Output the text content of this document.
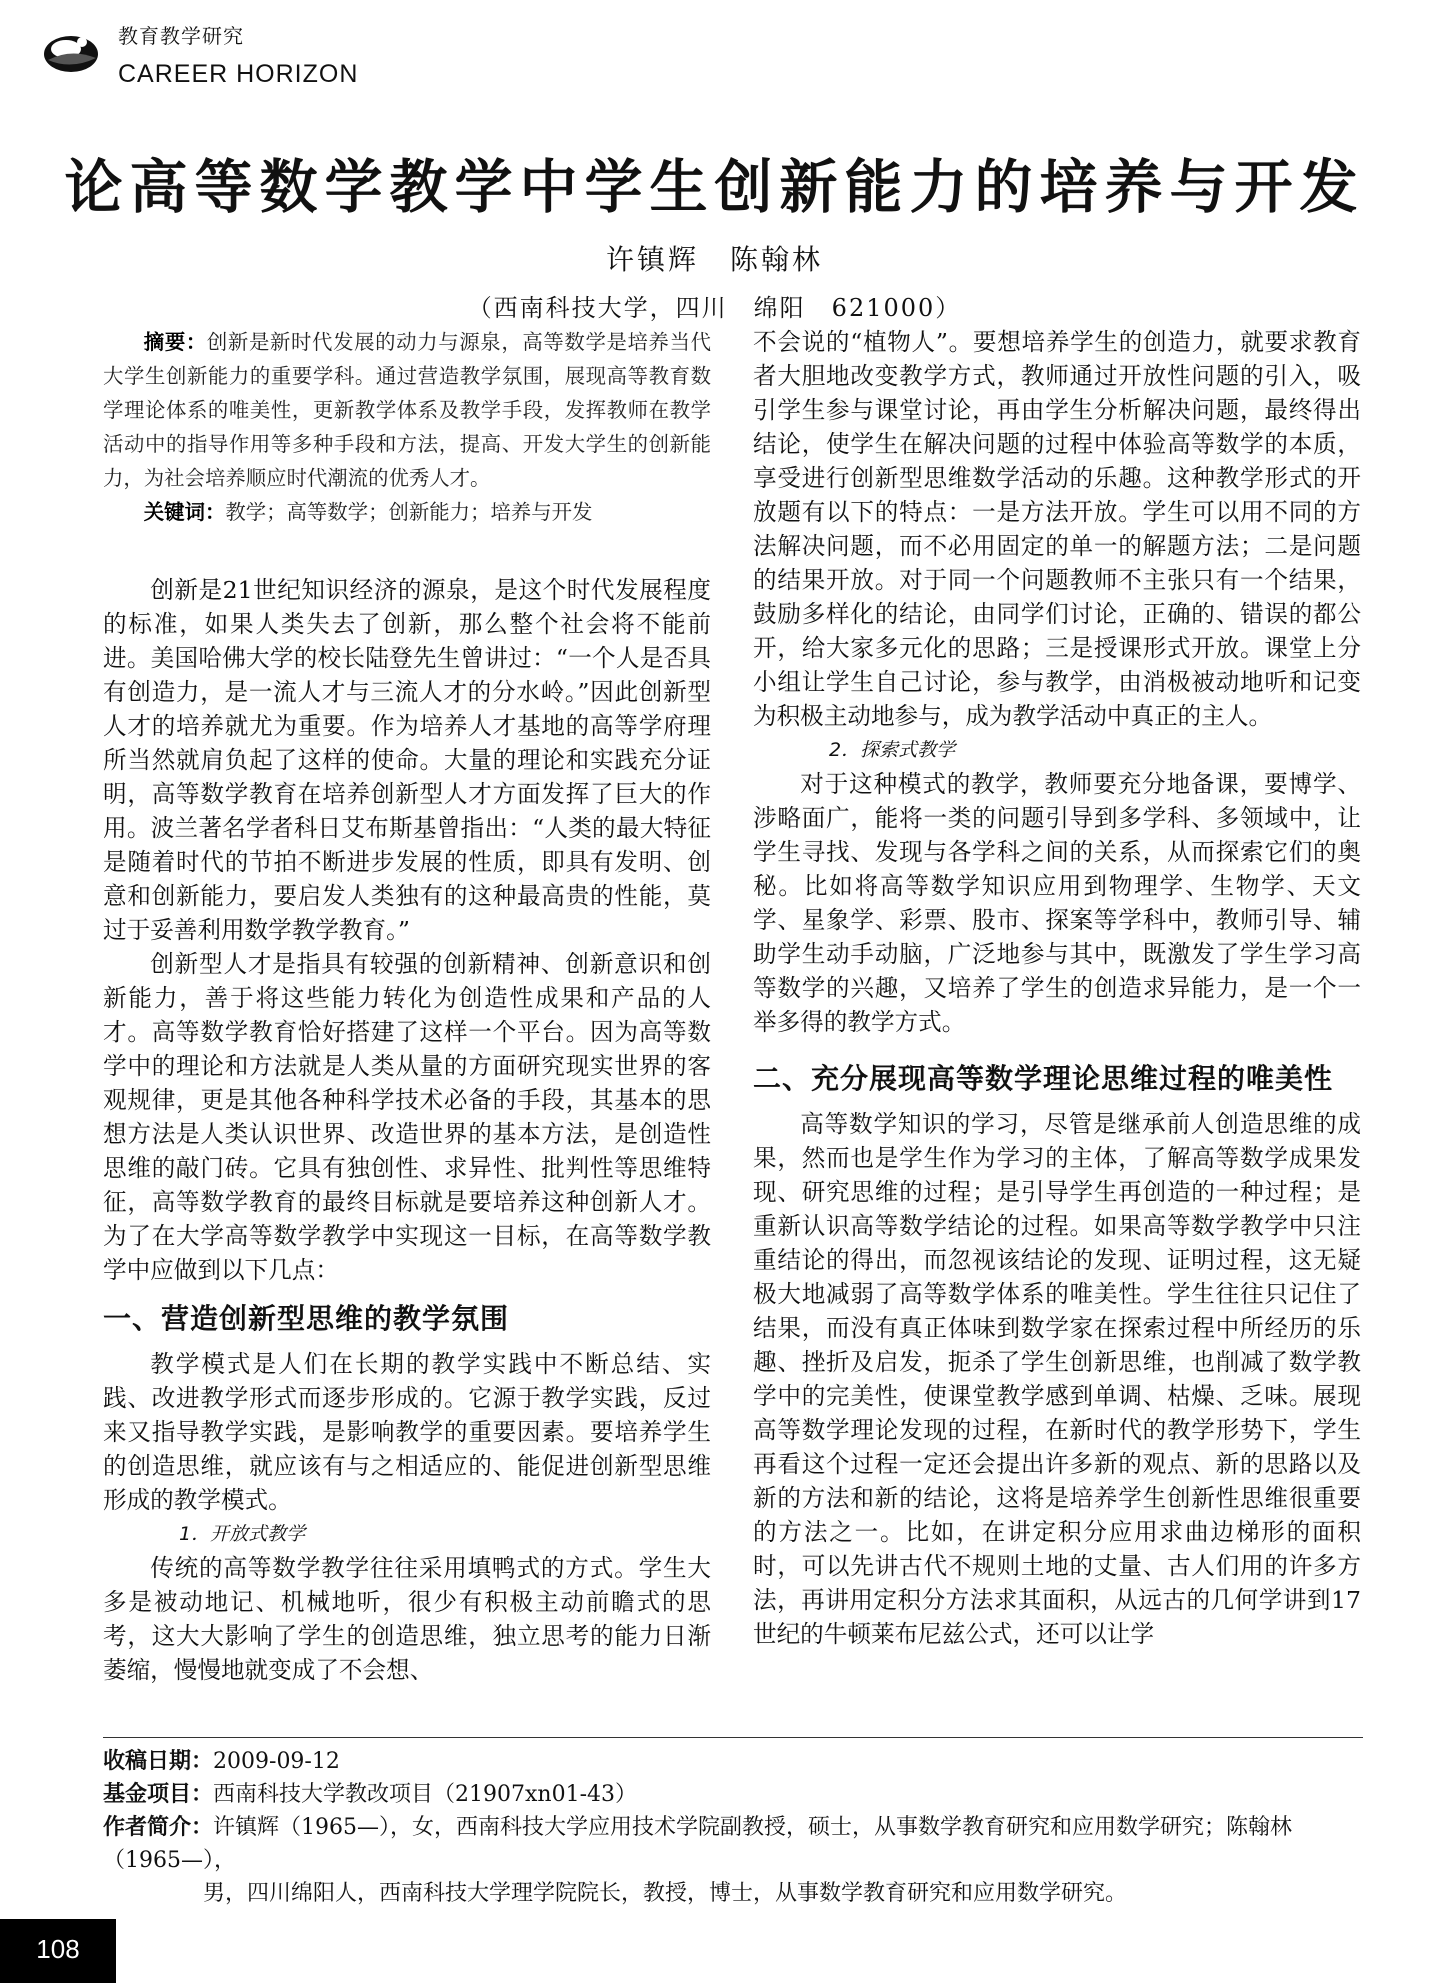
教育教学研究
CAREER HORIZON
论高等数学教学中学生创新能力的培养与开发
许镇辉　陈翰林
（西南科技大学，四川　绵阳　621000）

摘要：创新是新时代发展的动力与源泉，高等数学是培养当代大学生创新能力的重要学科。通过营造教学氛围，展现高等教育数学理论体系的唯美性，更新教学体系及教学手段，发挥教师在教学活动中的指导作用等多种手段和方法，提高、开发大学生的创新能力，为社会培养顺应时代潮流的优秀人才。

关键词：教学；高等数学；创新能力；培养与开发

创新是21世纪知识经济的源泉，是这个时代发展程度的标准，如果人类失去了创新，那么整个社会将不能前进。美国哈佛大学的校长陆登先生曾讲过：“一个人是否具有创造力，是一流人才与三流人才的分水岭。”因此创新型人才的培养就尤为重要。作为培养人才基地的高等学府理所当然就肩负起了这样的使命。大量的理论和实践充分证明，高等数学教育在培养创新型人才方面发挥了巨大的作用。波兰著名学者科日艾布斯基曾指出：“人类的最大特征是随着时代的节拍不断进步发展的性质，即具有发明、创意和创新能力，要启发人类独有的这种最高贵的性能，莫过于妥善利用数学教学教育。”

创新型人才是指具有较强的创新精神、创新意识和创新能力，善于将这些能力转化为创造性成果和产品的人才。高等数学教育恰好搭建了这样一个平台。因为高等数学中的理论和方法就是人类从量的方面研究现实世界的客观规律，更是其他各种科学技术必备的手段，其基本的思想方法是人类认识世界、改造世界的基本方法，是创造性思维的敲门砖。它具有独创性、求异性、批判性等思维特征，高等数学教育的最终目标就是要培养这种创新人才。为了在大学高等数学教学中实现这一目标，在高等数学教学中应做到以下几点：

一、营造创新型思维的教学氛围

教学模式是人们在长期的教学实践中不断总结、实践、改进教学形式而逐步形成的。它源于教学实践，反过来又指导教学实践，是影响教学的重要因素。要培养学生的创造思维，就应该有与之相适应的、能促进创新型思维形成的教学模式。

1．开放式教学

传统的高等数学教学往往采用填鸭式的方式。学生大多是被动地记、机械地听，很少有积极主动前瞻式的思考，这大大影响了学生的创造思维，独立思考的能力日渐萎缩，慢慢地就变成了不会想、

不会说的“植物人”。要想培养学生的创造力，就要求教育者大胆地改变教学方式，教师通过开放性问题的引入，吸引学生参与课堂讨论，再由学生分析解决问题，最终得出结论，使学生在解决问题的过程中体验高等数学的本质，享受进行创新型思维数学活动的乐趣。这种教学形式的开放题有以下的特点：一是方法开放。学生可以用不同的方法解决问题，而不必用固定的单一的解题方法；二是问题的结果开放。对于同一个问题教师不主张只有一个结果，鼓励多样化的结论，由同学们讨论，正确的、错误的都公开，给大家多元化的思路；三是授课形式开放。课堂上分小组让学生自己讨论，参与教学，由消极被动地听和记变为积极主动地参与，成为教学活动中真正的主人。

2．探索式教学

对于这种模式的教学，教师要充分地备课，要博学、涉略面广，能将一类的问题引导到多学科、多领域中，让学生寻找、发现与各学科之间的关系，从而探索它们的奥秘。比如将高等数学知识应用到物理学、生物学、天文学、星象学、彩票、股市、探案等学科中，教师引导、辅助学生动手动脑，广泛地参与其中，既激发了学生学习高等数学的兴趣，又培养了学生的创造求异能力，是一个一举多得的教学方式。

二、充分展现高等数学理论思维过程的唯美性

高等数学知识的学习，尽管是继承前人创造思维的成果，然而也是学生作为学习的主体，了解高等数学成果发现、研究思维的过程；是引导学生再创造的一种过程；是重新认识高等数学结论的过程。如果高等数学教学中只注重结论的得出，而忽视该结论的发现、证明过程，这无疑极大地减弱了高等数学体系的唯美性。学生往往只记住了结果，而没有真正体味到数学家在探索过程中所经历的乐趣、挫折及启发，扼杀了学生创新思维，也削减了数学教学中的完美性，使课堂教学感到单调、枯燥、乏味。展现高等数学理论发现的过程，在新时代的教学形势下，学生再看这个过程一定还会提出许多新的观点、新的思路以及新的方法和新的结论，这将是培养学生创新性思维很重要的方法之一。比如，在讲定积分应用求曲边梯形的面积时，可以先讲古代不规则土地的丈量、古人们用的许多方法，再讲用定积分方法求其面积，从远古的几何学讲到17世纪的牛顿莱布尼兹公式，还可以让学

收稿日期：2009-09-12

基金项目：西南科技大学教改项目（21907xn01-43）

作者简介：许镇辉（1965—），女，西南科技大学应用技术学院副教授，硕士，从事数学教育研究和应用数学研究；陈翰林（1965—），

男，四川绵阳人，西南科技大学理学院院长，教授，博士，从事数学教育研究和应用数学研究。

108
